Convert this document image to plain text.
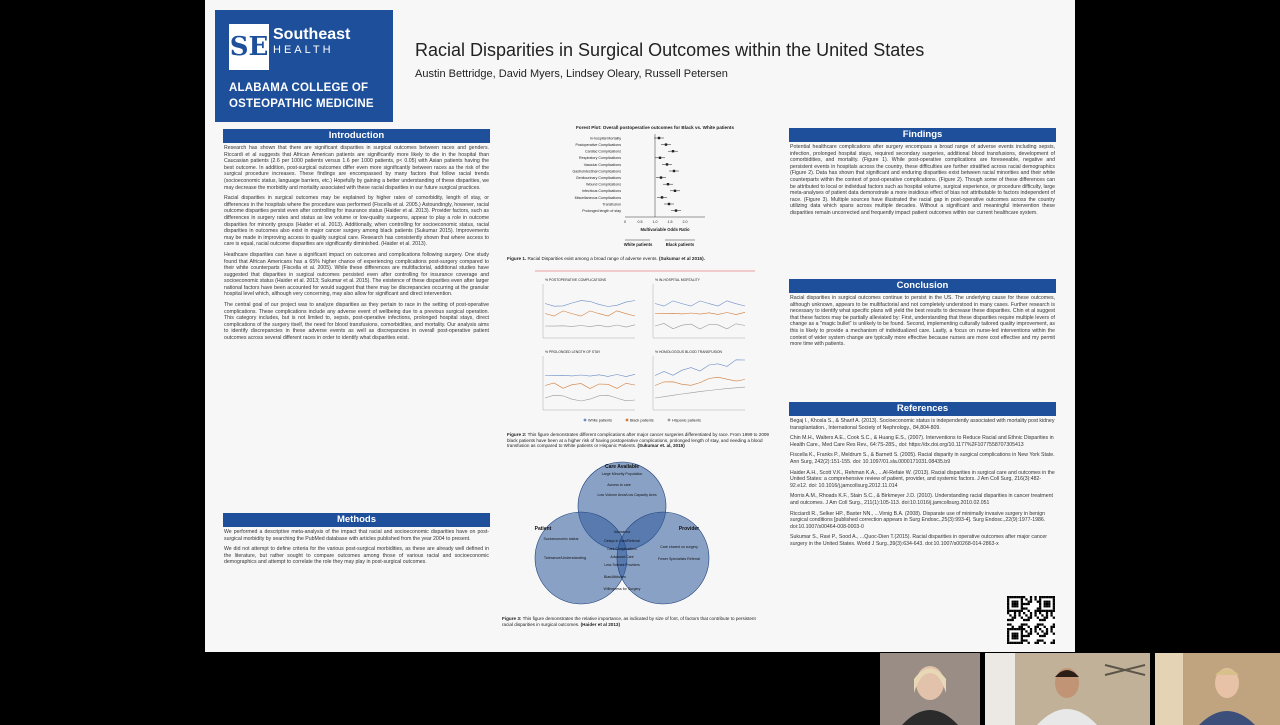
SE Southeast
HEALTH
ALABAMA COLLEGE OF
OSTEOPATHIC MEDICINE
Racial Disparities in Surgical Outcomes within the United States
Austin Bettridge, David Myers, Lindsey Oleary, Russell Petersen
Introduction

Research has shown that there are significant disparities in surgical outcomes between races and genders. Riccardi et al suggests that African American patients are significantly more likely to die in the hospital than Caucasian patients (2.6 per 1000 patients versus 1.6 per 1000 patients, p< 0.05) with Asian patients having the best outcome. In addition, post-surgical outcomes differ even more significantly between races as the risk of the surgical procedure increases. These findings are encompassed by many factors that follow racial trends (socioeconomic status, language barriers, etc.) Hopefully by gaining a better understanding of these disparities, we may decrease the morbidity and mortality associated with these racial disparities in our future surgical practices.

Racial disparities in surgical outcomes may be explained by higher rates of comorbidity, length of stay, or differences in the hospitals where the procedure was performed (Fiscella et al. 2005.) Astoundingly, however, racial outcome disparities persist even after controlling for insurance status (Haider et al. 2013). Provider factors, such as differences in surgery rates and status as low volume or low-quality surgeons, appear to play a role in outcome disparities for minority groups (Haider et al. 2013). Additionally, when controlling for socioeconomic status, racial disparities in outcomes also exist in major cancer surgery among black patients (Sukumar 2015). Improvements may be made in improving access to quality surgical care. Research has consistently shown that where access to care is equal, racial outcome disparities are significantly diminished. (Haider et al. 2013).

Heathcare disparities can have a significant impact on outcomes and complications following surgery. One study found that African Americans has a 65% higher chance of experiencing complications post-surgery compared to their white counterparts (Fiscella et al. 2005). While these differences are multifactorial, additional studies have suggested that disparities in surgical outcomes persisted even after controlling for insurance coverage and socioeconomic status (Haider et al. 2013; Sukumar et al. 2015). The existence of these disparities even after larger national factors have been accounted for would suggest that there may be discrepancies occurring at the granular hospital level which, although very concerning, may also allow for significant and direct intervention.

The central goal of our project was to analyze disparities as they pertain to race in the setting of post-operative complications. These complications include any adverse event of wellbeing due to a previous surgical operation. This category includes, but is not limited to, sepsis, post-operative infections, prolonged hospital stays, direct complications of the surgery itself, the need for blood transfusions, comorbidities, and mortality. Our analysis aims to identify discrepancies in these adverse events as well as discrepancies in overall post-operative patient outcomes across several different races in order to identify what disparities exist.

Methods

We performed a descriptive meta-analysis of the impact that racial and socioeconomic disparities have on post-surgical morbidity by searching the PubMed database with articles published from the year 2004 to present.

We did not attempt to define criteria for the various post-surgical morbidities, as these are already well defined in the literature, but rather sought to compare outcomes among those of various racial and socioeconomic demographics and attempt to correlate the role they may play in post-surgical outcomes.

Forest Plot: Overall postoperative outcomes for Black vs. White patients
In-hospital Mortality
Postoperative Complications
Cardiac Complications
Respiratory Complications
Vascular Complications
Gastrointestinal Complications
Genitourinary Complications
Wound Complications
Infectious Complications
Miscellaneous Complications
Transfusion
Prolonged length of stay
0	0.5	1.0	1.5	2.0
Multivariable Odds Ratio
White patients	Black patients
Figure 1. Racial Disparities exist among a broad range of adverse events. (Sukumar et al 2015).
% POSTOPERATIVE COMPLICATIONS	% IN-HOSPITAL MORTALITY
% PROLONGED LENGTH OF STAY	% HOMOLOGOUS BLOOD TRANSFUSION
White patients	Black patients	Hispanic patients
Figure 2: This figure demonstrates different complications after major cancer surgeries differentiated by race. From 1999 to 2009 black patients have been at a higher risk of having postoperative complications, prolonged length of stay, and needing a blood transfusion as compared to White patients or Hispanic Patients. (Sukumar et. al, 2015)
Care Available
Patient	Provider
Large Minority Population
Access to care
Low Volume Area/Low Capacity Area
Socioeconomic status
Tolerance/Understanding
Care shared on surgery
Fewer Specialists Referral
Insurance
Delays in Care/Referral
Care Complications
Advanced Care
Less Tolerant Providers
Bias/Attitudes
Willingness for Surgery
Figure 3: This figure demonstrates the relative importance, as indicated by size of font, of factors that contribute to persistent racial disparities in surgical outcomes. (Haider et al 2013)
Findings

Potential healthcare complications after surgery encompass a broad range of adverse events including sepsis, infection, prolonged hospital stays, required secondary surgeries, additional blood transfusions, development of comorbidities, and mortality. (Figure 1). While post-operative complications are foreseeable, negative and persistent events in hospitals across the country, these difficulties are further stratified across racial demographics (Figure 2). Data has shown that significant and enduring disparities exist between racial minorities and their white counterparts within the context of post-operative complications. (Figure 2). Though some of these differences can be attributed to local or individual factors such as hospital volume, surgical experience, or procedure difficulty, large meta-analyses of patient data demonstrate a more insidious effect of bias not attributable to factors independent of race. (Figure 3). Multiple sources have illustrated the racial gap in post-operative outcomes across the country utilizing data which spans across multiple decades. Without a significant and meaningful intervention these disparities remain uncorrected and frequently impact patient outcomes within our current healthcare system.

Conclusion

Racial disparities in surgical outcomes continue to persist in the US. The underlying cause for these outcomes, although unknown, appears to be multifactorial and not completely understood in many cases. Further research is necessary to identify what specific plans will yield the best results to decrease these disparities. Chin et al suggest that these factors may be partially alleviated by: First, understanding that these disparities require multiple levers of change as a "magic bullet" is unlikely to be found. Second, implementing culturally tailored quality improvement, as this is likely to provide a mechanism of individualized care. Lastly, a focus on nurse-led interventions within the context of wider system change are typically more effective because nurses are more cost effective and my permit more time with patients.

References

Begaj I., Khosla S., & Sharif A. (2013). Socioeconomic status is independently associated with mortality post kidney transplantation., International Society of Nephrology., 84,804-809.

Chin M.H., Walters A.E., Cook S.C., & Huang E.S., (2007). Interventions to Reduce Racial and Ethnic Disparities in Health Care., Med Care Res Rev., 64:7S-28S., doi: https://dx.doi.org/10.1177%2F1077558707305413

Fiscella K., Franks P., Meldrum S., & Barnett S. (2005). Racial disparity in surgical complications in New York State. Ann Surg, 242(2):151-155. doi: 10.1097/01.sla.0000171031.08435.b9

Haider A.H., Scott V.K., Rehman K.A., ...Al-Refaie W. (2013). Racial disparities in surgical care and outcomes in the United States: a comprehensive review of patient, provider, and systemic factors. J Am Coll Surg, 216(3):482-92.e12. doi: 10.1016/j.jamcollsurg.2012.11.014

Morris A.M., Rhoads K.F., Stain S.C., & Birkmeyer J.D. (2010). Understanding racial disparities in cancer treatment and outcomes. J Am Coll Surg., 211(1):105-113. doi:10.1016/j.jamcollsurg.2010.02.051

Ricciardi R., Selker HP., Baxter NN., ...Virnig B.A. (2008). Disparate use of minimally invasive surgery in benign surgical conditions [published correction appears in Surg Endosc.,25(3):993-4]. Surg Endosc.,22(9):1977-1986. doi:10.1007/s00464-008-0003-0

Sukumar S., Ravi P., Sood A., ...Quoc-Dien T.(2015). Racial disparities in operative outcomes after major cancer surgery in the United States. World J Surg.,39(3):634-643. doi:10.1007/s00268-014-2863-x
